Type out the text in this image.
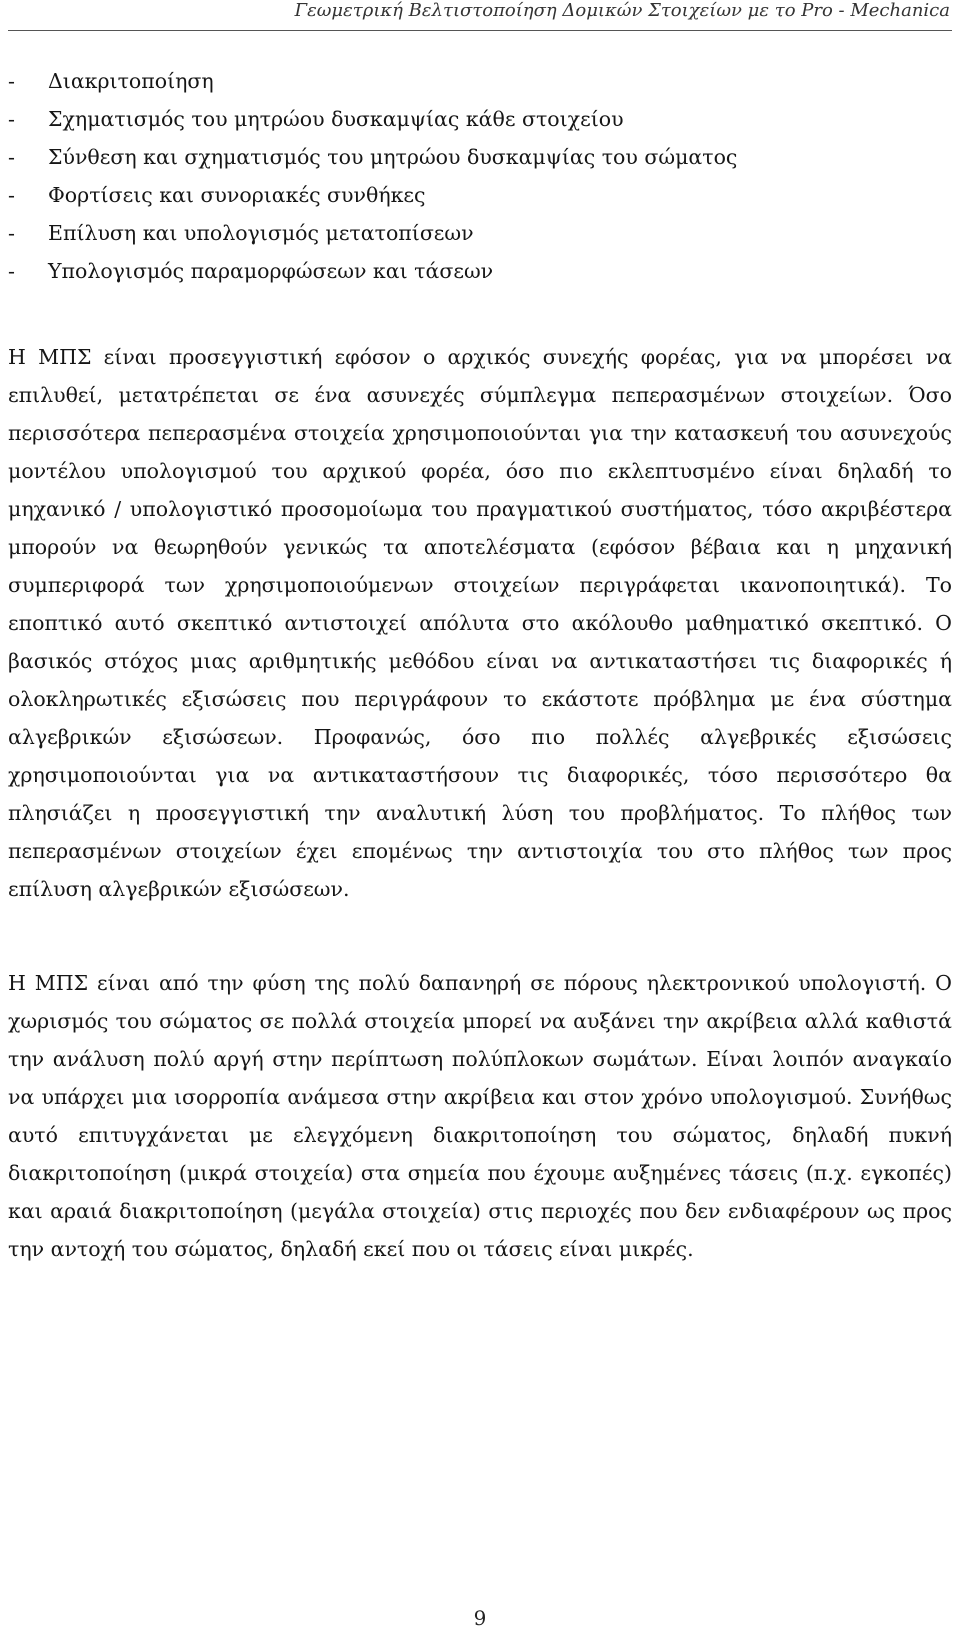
Γεωμετρική Βελτιστοποίηση Δομικών Στοιχείων με το Pro - Mechanica
- Διακριτοποίηση
- Σχηματισμός του μητρώου δυσκαμψίας κάθε στοιχείου
- Σύνθεση και σχηματισμός του μητρώου δυσκαμψίας του σώματος
- Φορτίσεις και συνοριακές συνθήκες
- Επίλυση και υπολογισμός μετατοπίσεων
- Υπολογισμός παραμορφώσεων και τάσεων

Η ΜΠΣ είναι προσεγγιστική εφόσον ο αρχικός συνεχής φορέας, για να μπορέσει να επιλυθεί, μετατρέπεται σε ένα ασυνεχές σύμπλεγμα πεπερασμένων στοιχείων. Όσο περισσότερα πεπερασμένα στοιχεία χρησιμοποιούνται για την κατασκευή του ασυνεχούς μοντέλου υπολογισμού του αρχικού φορέα, όσο πιο εκλεπτυσμένο είναι δηλαδή το μηχανικό / υπολογιστικό προσομοίωμα του πραγματικού συστήματος, τόσο ακριβέστερα μπορούν να θεωρηθούν γενικώς τα αποτελέσματα (εφόσον βέβαια και η μηχανική συμπεριφορά των χρησιμοποιούμενων στοιχείων περιγράφεται ικανοποιητικά). Το εποπτικό αυτό σκεπτικό αντιστοιχεί απόλυτα στο ακόλουθο μαθηματικό σκεπτικό. Ο βασικός στόχος μιας αριθμητικής μεθόδου είναι να αντικαταστήσει τις διαφορικές ή ολοκληρωτικές εξισώσεις που περιγράφουν το εκάστοτε πρόβλημα με ένα σύστημα αλγεβρικών εξισώσεων. Προφανώς, όσο πιο πολλές αλγεβρικές εξισώσεις χρησιμοποιούνται για να αντικαταστήσουν τις διαφορικές, τόσο περισσότερο θα πλησιάζει η προσεγγιστική την αναλυτική λύση του προβλήματος. Το πλήθος των πεπερασμένων στοιχείων έχει επομένως την αντιστοιχία του στο πλήθος των προς επίλυση αλγεβρικών εξισώσεων.

Η ΜΠΣ είναι από την φύση της πολύ δαπανηρή σε πόρους ηλεκτρονικού υπολογιστή. Ο χωρισμός του σώματος σε πολλά στοιχεία μπορεί να αυξάνει την ακρίβεια αλλά καθιστά την ανάλυση πολύ αργή στην περίπτωση πολύπλοκων σωμάτων. Είναι λοιπόν αναγκαίο να υπάρχει μια ισορροπία ανάμεσα στην ακρίβεια και στον χρόνο υπολογισμού. Συνήθως αυτό επιτυγχάνεται με ελεγχόμενη διακριτοποίηση του σώματος, δηλαδή πυκνή διακριτοποίηση (μικρά στοιχεία) στα σημεία που έχουμε αυξημένες τάσεις (π.χ. εγκοπές) και αραιά διακριτοποίηση (μεγάλα στοιχεία) στις περιοχές που δεν ενδιαφέρουν ως προς την αντοχή του σώματος, δηλαδή εκεί που οι τάσεις είναι μικρές.

9
